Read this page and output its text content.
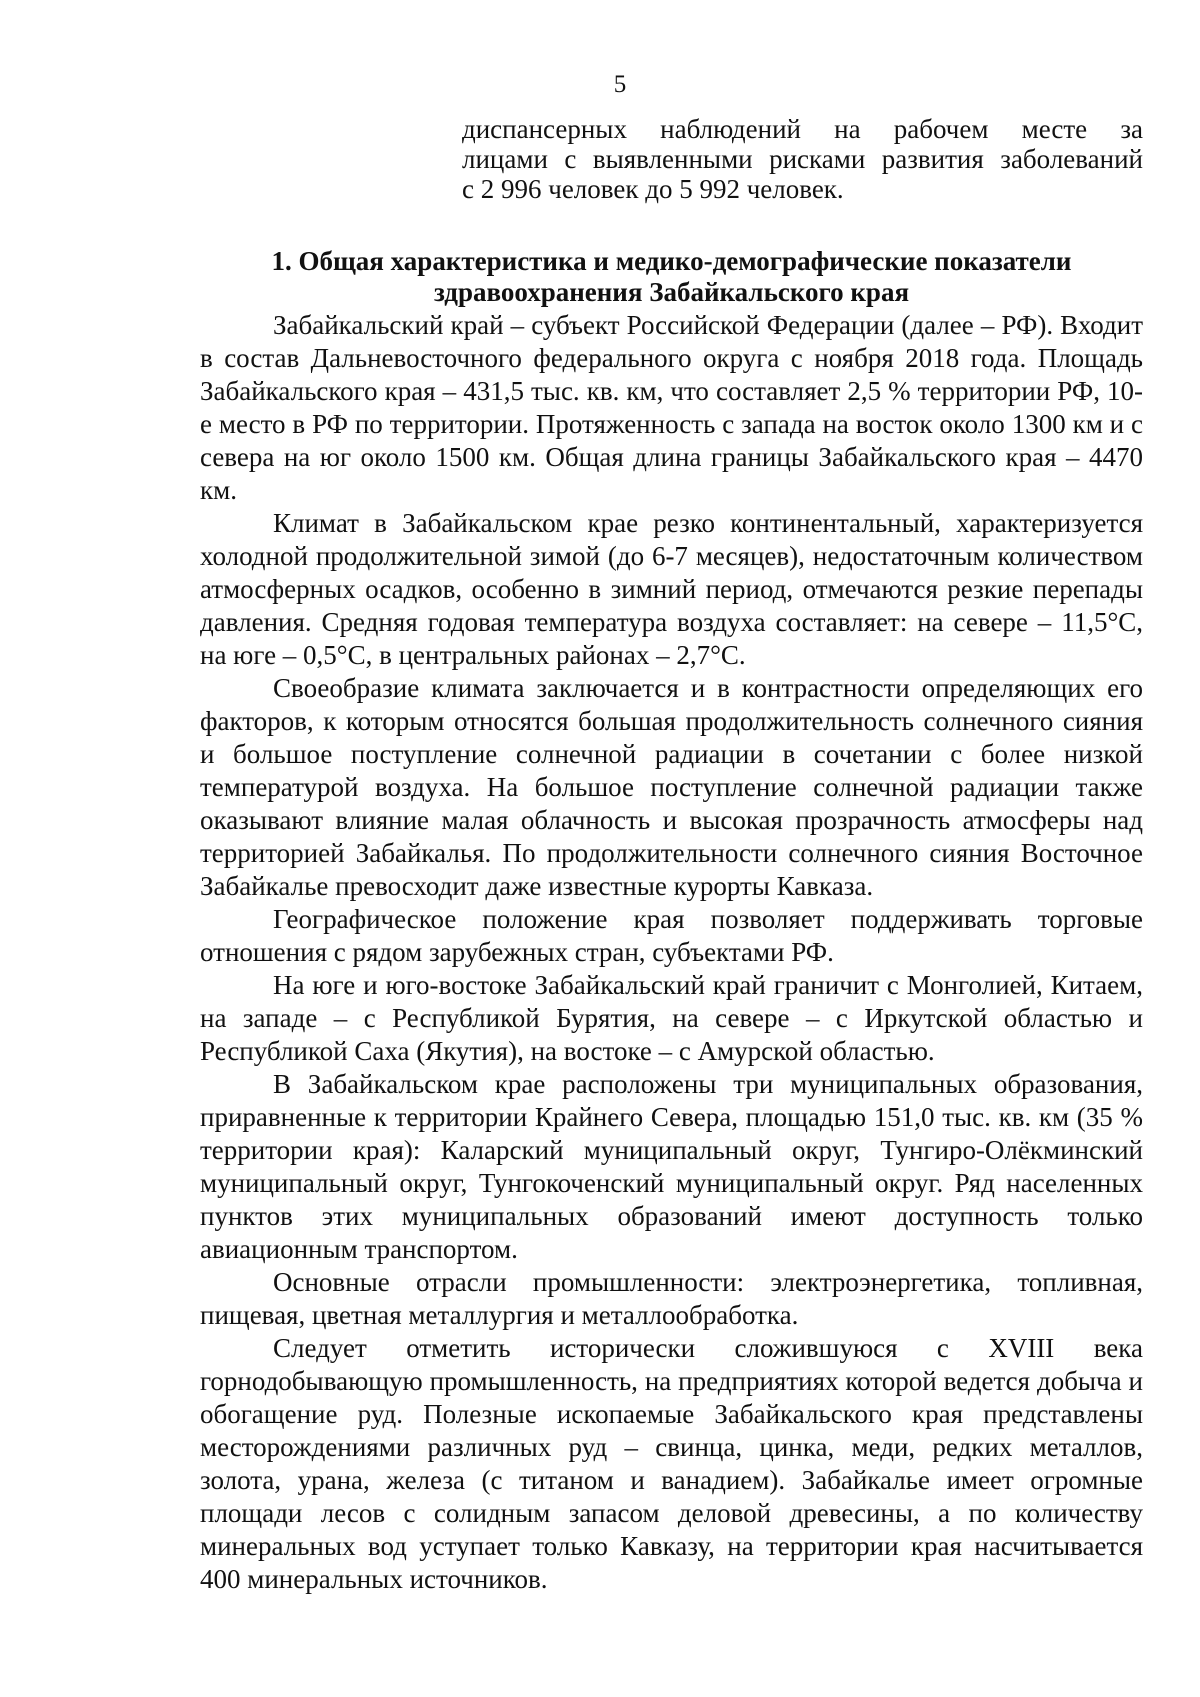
5

диспансерных наблюдений на рабочем месте за

лицами с выявленными рисками развития заболеваний

с 2 996 человек до 5 992 человек.

1. Общая характеристика и медико-демографические показатели
здравоохранения Забайкальского края

Забайкальский край – субъект Российской Федерации (далее – РФ). Входит в состав Дальневосточного федерального округа с ноября 2018 года. Площадь Забайкальского края – 431,5 тыс. кв. км, что составляет 2,5 % территории РФ, 10-е место в РФ по территории. Протяженность с запада на восток около 1300 км и с севера на юг около 1500 км. Общая длина границы Забайкальского края – 4470 км.

Климат в Забайкальском крае резко континентальный, характеризуется холодной продолжительной зимой (до 6-7 месяцев), недостаточным количеством атмосферных осадков, особенно в зимний период, отмечаются резкие перепады давления. Средняя годовая температура воздуха составляет: на севере – 11,5°С, на юге – 0,5°С, в центральных районах – 2,7°С.

Своеобразие климата заключается и в контрастности определяющих его факторов, к которым относятся большая продолжительность солнечного сияния и большое поступление солнечной радиации в сочетании с более низкой температурой воздуха. На большое поступление солнечной радиации также оказывают влияние малая облачность и высокая прозрачность атмосферы над территорией Забайкалья. По продолжительности солнечного сияния Восточное Забайкалье превосходит даже известные курорты Кавказа.

Географическое положение края позволяет поддерживать торговые отношения с рядом зарубежных стран, субъектами РФ.

На юге и юго-востоке Забайкальский край граничит с Монголией, Китаем, на западе – с Республикой Бурятия, на севере – с Иркутской областью и Республикой Саха (Якутия), на востоке – с Амурской областью.

В Забайкальском крае расположены три муниципальных образования, приравненные к территории Крайнего Севера, площадью 151,0 тыс. кв. км (35 % территории края): Каларский муниципальный округ, Тунгиро-Олёкминский муниципальный округ, Тунгокоченский муниципальный округ. Ряд населенных пунктов этих муниципальных образований имеют доступность только авиационным транспортом.

Основные отрасли промышленности: электроэнергетика, топливная, пищевая, цветная металлургия и металлообработка.

Следует отметить исторически сложившуюся с XVIII века горнодобывающую промышленность, на предприятиях которой ведется добыча и обогащение руд. Полезные ископаемые Забайкальского края представлены месторождениями различных руд – свинца, цинка, меди, редких металлов, золота, урана, железа (с титаном и ванадием). Забайкалье имеет огромные площади лесов с солидным запасом деловой древесины, а по количеству минеральных вод уступает только Кавказу, на территории края насчитывается 400 минеральных источников.
